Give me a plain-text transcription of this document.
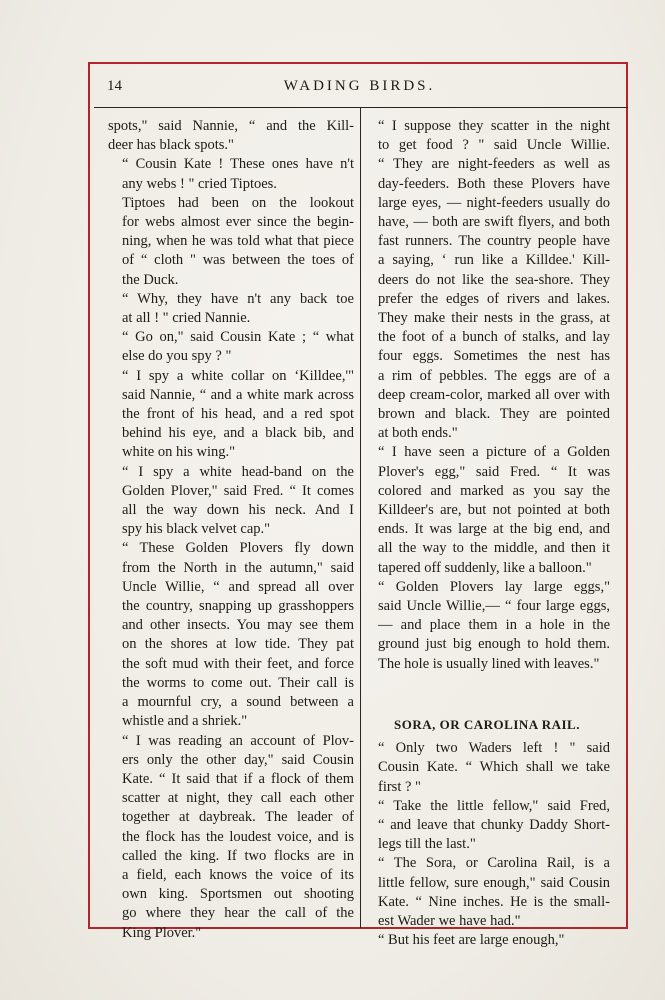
14	WADING BIRDS.

spots," said Nannie, “ and the Kill-
deer has black spots."

“ Cousin Kate ! These ones have n't
any webs ! " cried Tiptoes.

Tiptoes had been on the lookout
for webs almost ever since the begin-
ning, when he was told what that piece
of “ cloth " was between the toes of
the Duck.

“ Why, they have n't any back toe
at all ! " cried Nannie.

“ Go on," said Cousin Kate ; “ what
else do you spy ? "

“ I spy a white collar on ‘Killdee,'"
said Nannie, “ and a white mark across
the front of his head, and a red spot
behind his eye, and a black bib, and
white on his wing."

“ I spy a white head-band on the
Golden Plover," said Fred. “ It comes
all the way down his neck. And I
spy his black velvet cap."

“ These Golden Plovers fly down
from the North in the autumn," said
Uncle Willie, “ and spread all over
the country, snapping up grasshoppers
and other insects. You may see them
on the shores at low tide. They pat
the soft mud with their feet, and force
the worms to come out. Their call is
a mournful cry, a sound between a
whistle and a shriek."

“ I was reading an account of Plov-
ers only the other day," said Cousin
Kate. “ It said that if a flock of them
scatter at night, they call each other
together at daybreak. The leader of
the flock has the loudest voice, and is
called the king. If two flocks are in
a field, each knows the voice of its
own king. Sportsmen out shooting
go where they hear the call of the
King Plover."

“ I suppose they scatter in the night
to get food ? " said Uncle Willie.
“ They are night-feeders as well as
day-feeders. Both these Plovers have
large eyes, — night-feeders usually do
have, — both are swift flyers, and both
fast runners. The country people have
a saying, ‘ run like a Killdee.' Kill-
deers do not like the sea-shore. They
prefer the edges of rivers and lakes.
They make their nests in the grass, at
the foot of a bunch of stalks, and lay
four eggs. Sometimes the nest has
a rim of pebbles. The eggs are of a
deep cream-color, marked all over with
brown and black. They are pointed
at both ends."

“ I have seen a picture of a Golden
Plover's egg," said Fred. “ It was
colored and marked as you say the
Killdeer's are, but not pointed at both
ends. It was large at the big end, and
all the way to the middle, and then it
tapered off suddenly, like a balloon."

“ Golden Plovers lay large eggs,"
said Uncle Willie,— “ four large eggs,
— and place them in a hole in the
ground just big enough to hold them.
The hole is usually lined with leaves."

SORA, OR CAROLINA RAIL.

“ Only two Waders left ! " said
Cousin Kate. “ Which shall we take
first ? "

“ Take the little fellow," said Fred,
“ and leave that chunky Daddy Short-
legs till the last."

“ The Sora, or Carolina Rail, is a
little fellow, sure enough," said Cousin
Kate. “ Nine inches. He is the small-
est Wader we have had."

“ But his feet are large enough,"
